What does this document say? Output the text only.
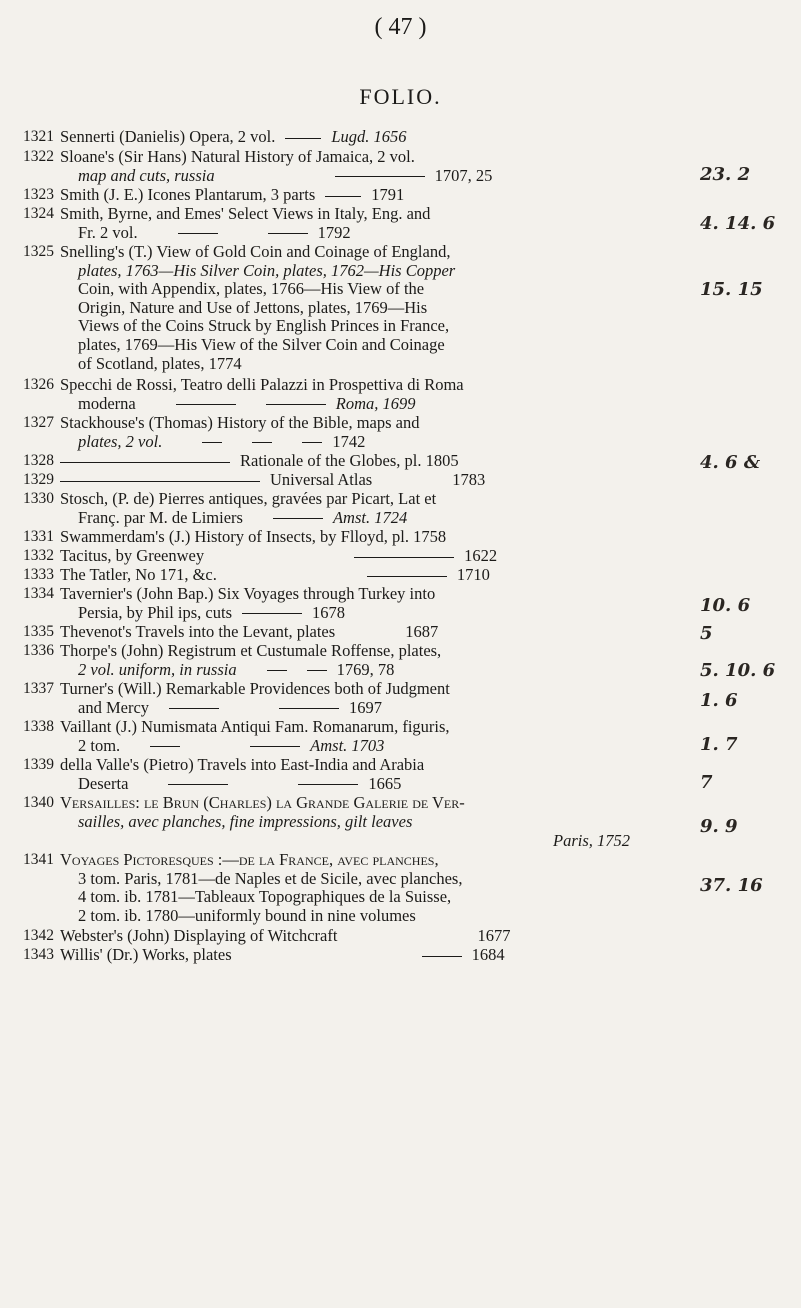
( 47 )
FOLIO.
1321 Sennerti (Danielis) Opera, 2 vol.	Lugd. 1656
1322 Sloane's (Sir Hans) Natural History of Jamaica, 2 vol.
map and cuts, russia	1707, 25	23. 2
1323 Smith (J. E.) Icones Plantarum, 3 parts	1791
1324 Smith, Byrne, and Emes' Select Views in Italy, Eng. and
Fr. 2 vol.	1792	4. 14. 6
1325 Snelling's (T.) View of Gold Coin and Coinage of England,
plates, 1763—His Silver Coin, plates, 1762—His Copper
Coin, with Appendix, plates, 1766—His View of the
Origin, Nature and Use of Jettons, plates, 1769—His
Views of the Coins Struck by English Princes in France,
plates, 1769—His View of the Silver Coin and Coinage
of Scotland, plates, 1774
15. 15
1326 Specchi de Rossi, Teatro delli Palazzi in Prospettiva di Roma
moderna	Roma, 1699
1327 Stackhouse's (Thomas) History of the Bible, maps and
plates, 2 vol.	1742
1328	Rationale of the Globes, pl. 1805	4. 6 &
1329	Universal Atlas	1783
1330 Stosch, (P. de) Pierres antiques, gravées par Picart, Lat et
Franç. par M. de Limiers	Amst. 1724
1331 Swammerdam's (J.) History of Insects, by Flloyd, pl. 1758
1332 Tacitus, by Greenwey	1622
1333 The Tatler, No 171, &c.	1710
1334 Tavernier's (John Bap.) Six Voyages through Turkey into
Persia, by Phil ips, cuts	1678	10. 6
1335 Thevenot's Travels into the Levant, plates	1687	5
1336 Thorpe's (John) Registrum et Custumale Roffense, plates,
2 vol. uniform, in russia	1769, 78	5. 10. 6
1337 Turner's (Will.) Remarkable Providences both of Judgment
and Mercy	1697	1. 6
1338 Vaillant (J.) Numismata Antiqui Fam. Romanarum, figuris,
2 tom.	Amst. 1703	1. 7
1339 della Valle's (Pietro) Travels into East-India and Arabia
Deserta	1665	7
1340 Versailles: le Brun (Charles) la Grande Galerie de Ver-
sailles, avec planches, fine impressions, gilt leaves	9. 9
Paris, 1752
1341 Voyages Pictoresques :—de la France, avec planches,
3 tom. Paris, 1781—de Naples et de Sicile, avec planches,
4 tom. ib. 1781—Tableaux Topographiques de la Suisse,
2 tom. ib. 1780—uniformly bound in nine volumes
37. 16
1342 Webster's (John) Displaying of Witchcraft	1677
1343 Willis' (Dr.) Works, plates	1684
